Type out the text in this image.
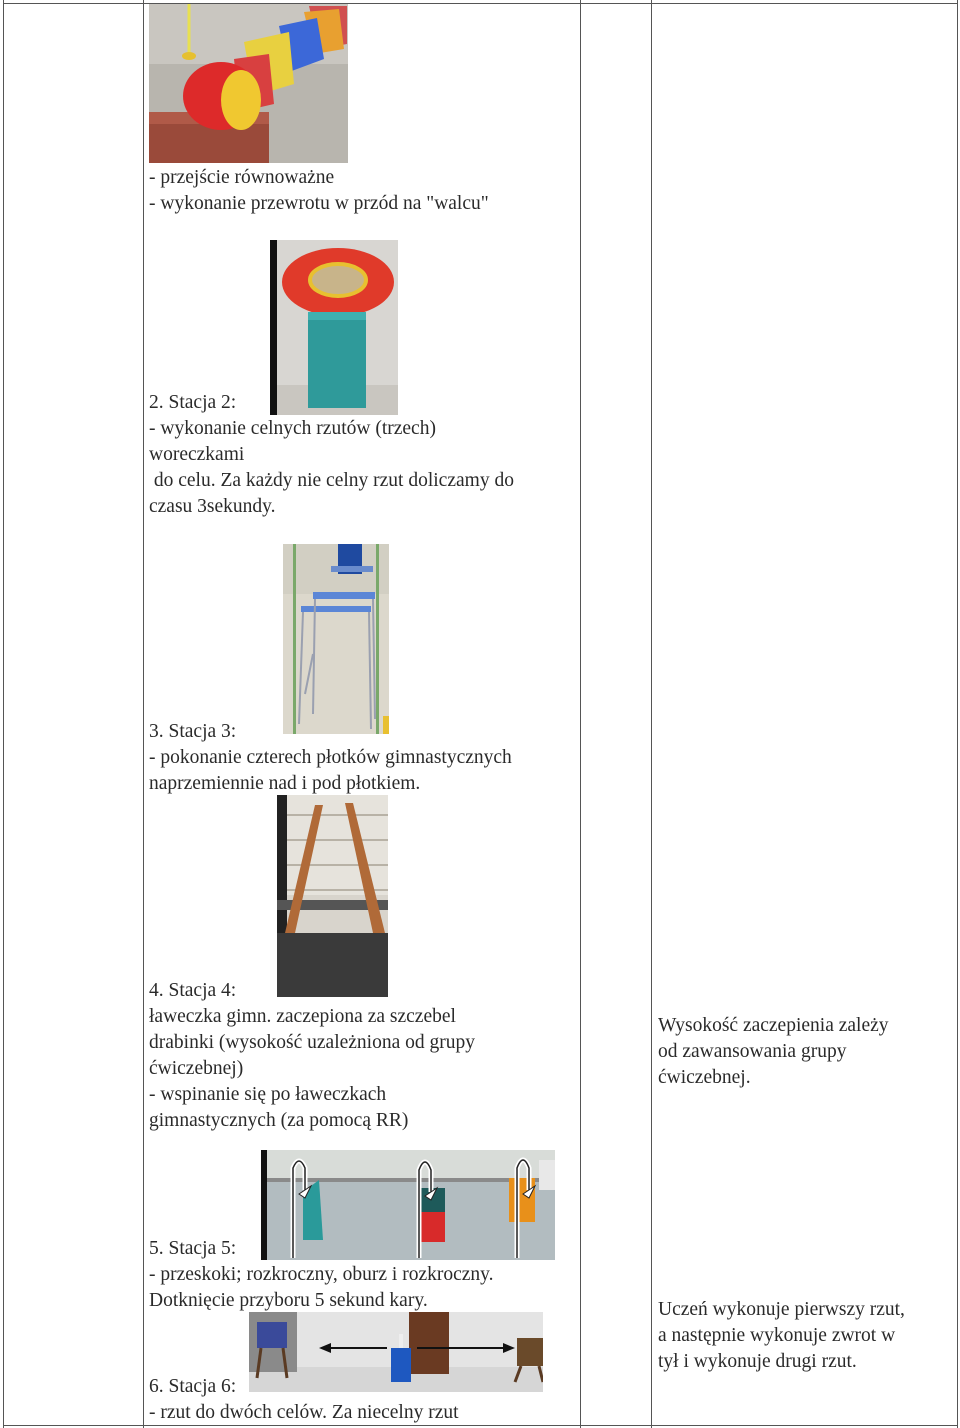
- przejście równoważne
- wykonanie przewrotu w przód na "walcu"
2. Stacja 2:
- wykonanie celnych rzutów (trzech)
woreczkami
do celu. Za każdy nie celny rzut doliczamy do
czasu 3sekundy.
3. Stacja 3:
- pokonanie czterech płotków gimnastycznych
naprzemiennie nad i pod płotkiem.
4. Stacja 4:
ławeczka gimn. zaczepiona za szczebel
drabinki (wysokość uzależniona od grupy
ćwiczebnej)
- wspinanie się po ławeczkach
gimnastycznych (za pomocą RR)
Wysokość zaczepienia zależy
od zawansowania grupy
ćwiczebnej.
5. Stacja 5:
- przeskoki; rozkroczny, oburz i rozkroczny.
Dotknięcie przyboru 5 sekund kary.
6. Stacja 6:
- rzut do dwóch celów. Za niecelny rzut
Uczeń wykonuje pierwszy rzut,
a następnie wykonuje zwrot w
tył i wykonuje drugi rzut.
